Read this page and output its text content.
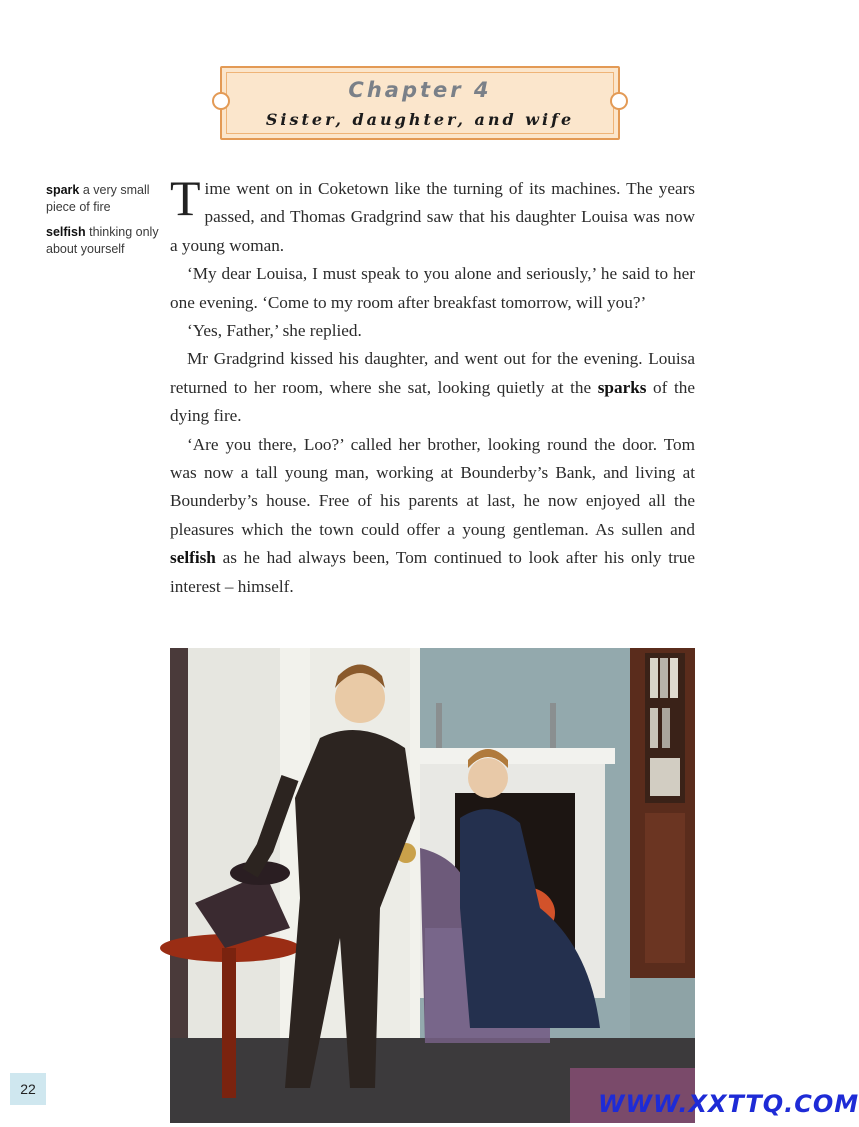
Chapter 4
Sister, daughter, and wife
spark a very small piece of fire
selfish thinking only about yourself

Time went on in Coketown like the turning of its machines. The years passed, and Thomas Gradgrind saw that his daughter Louisa was now a young woman.

‘My dear Louisa, I must speak to you alone and seriously,’ he said to her one evening. ‘Come to my room after breakfast tomorrow, will you?’

‘Yes, Father,’ she replied.

Mr Gradgrind kissed his daughter, and went out for the evening. Louisa returned to her room, where she sat, looking quietly at the sparks of the dying fire.

‘Are you there, Loo?’ called her brother, looking round the door. Tom was now a tall young man, working at Bounderby’s Bank, and living at Bounderby’s house. Free of his parents at last, he now enjoyed all the pleasures which the town could offer a young gentleman. As sullen and selfish as he had always been, Tom continued to look after his only true interest – himself.

22
WWW.XXTTQ.COM
